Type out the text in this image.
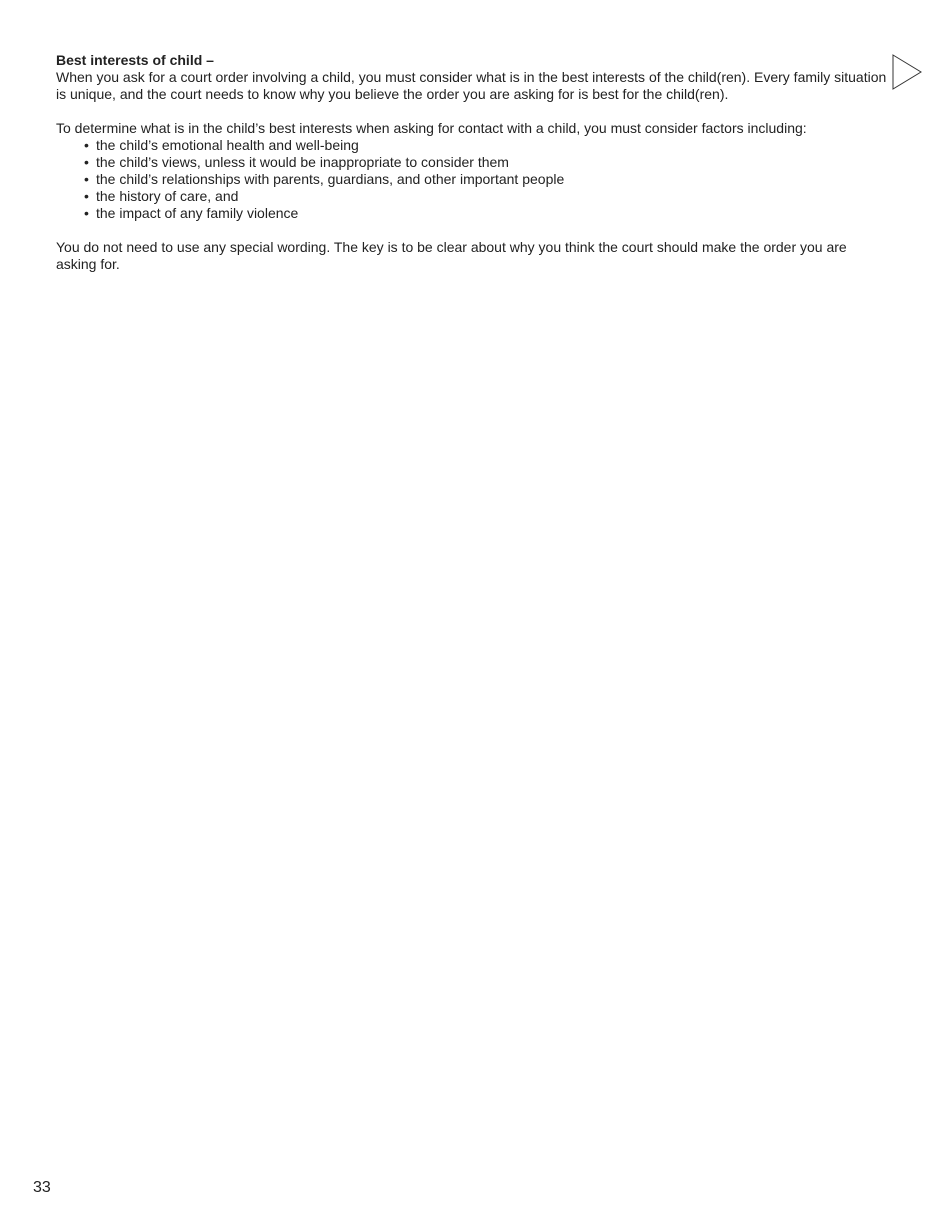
Best interests of child –

When you ask for a court order involving a child, you must consider what is in the best interests of the child(ren). Every family situation is unique, and the court needs to know why you believe the order you are asking for is best for the child(ren).

To determine what is in the child’s best interests when asking for contact with a child, you must consider factors including:

• the child’s emotional health and well-being
• the child’s views, unless it would be inappropriate to consider them
• the child’s relationships with parents, guardians, and other important people
• the history of care, and
• the impact of any family violence

You do not need to use any special wording. The key is to be clear about why you think the court should make the order you are asking for.

33
